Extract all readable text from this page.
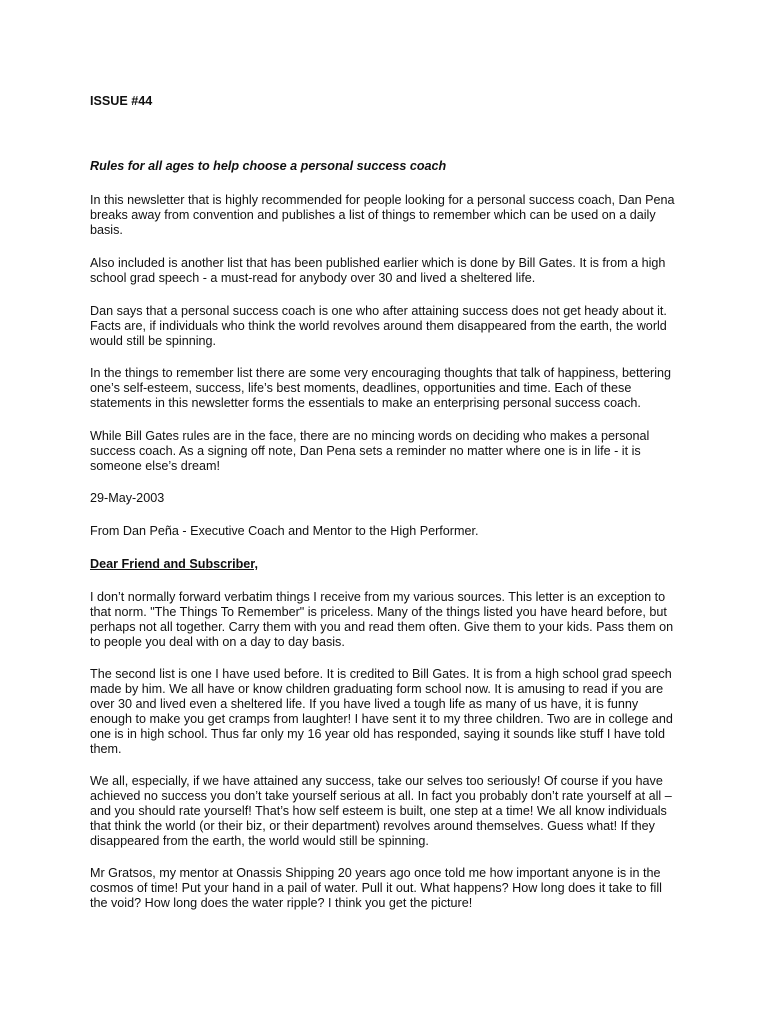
ISSUE #44

Rules for all ages to help choose a personal success coach

In this newsletter that is highly recommended for people looking for a personal success coach, Dan Pena breaks away from convention and publishes a list of things to remember which can be used on a daily basis.

Also included is another list that has been published earlier which is done by Bill Gates. It is from a high school grad speech - a must-read for anybody over 30 and lived a sheltered life.

Dan says that a personal success coach is one who after attaining success does not get heady about it. Facts are, if individuals who think the world revolves around them disappeared from the earth, the world would still be spinning.

In the things to remember list there are some very encouraging thoughts that talk of happiness, bettering one’s self-esteem, success, life’s best moments, deadlines, opportunities and time. Each of these statements in this newsletter forms the essentials to make an enterprising personal success coach.

While Bill Gates rules are in the face, there are no mincing words on deciding who makes a personal success coach. As a signing off note, Dan Pena sets a reminder no matter where one is in life - it is someone else’s dream!

29-May-2003

From Dan Peña - Executive Coach and Mentor to the High Performer.

Dear Friend and Subscriber,

I don’t normally forward verbatim things I receive from my various sources. This letter is an exception to that norm. "The Things To Remember" is priceless. Many of the things listed you have heard before, but perhaps not all together. Carry them with you and read them often. Give them to your kids. Pass them on to people you deal with on a day to day basis.

The second list is one I have used before. It is credited to Bill Gates. It is from a high school grad speech made by him. We all have or know children graduating form school now. It is amusing to read if you are over 30 and lived even a sheltered life. If you have lived a tough life as many of us have, it is funny enough to make you get cramps from laughter! I have sent it to my three children. Two are in college and one is in high school. Thus far only my 16 year old has responded, saying it sounds like stuff I have told them.

We all, especially, if we have attained any success, take our selves too seriously! Of course if you have achieved no success you don’t take yourself serious at all. In fact you probably don’t rate yourself at all – and you should rate yourself! That’s how self esteem is built, one step at a time! We all know individuals that think the world (or their biz, or their department) revolves around themselves. Guess what! If they disappeared from the earth, the world would still be spinning.

Mr Gratsos, my mentor at Onassis Shipping 20 years ago once told me how important anyone is in the cosmos of time! Put your hand in a pail of water. Pull it out. What happens? How long does it take to fill the void? How long does the water ripple? I think you get the picture!
